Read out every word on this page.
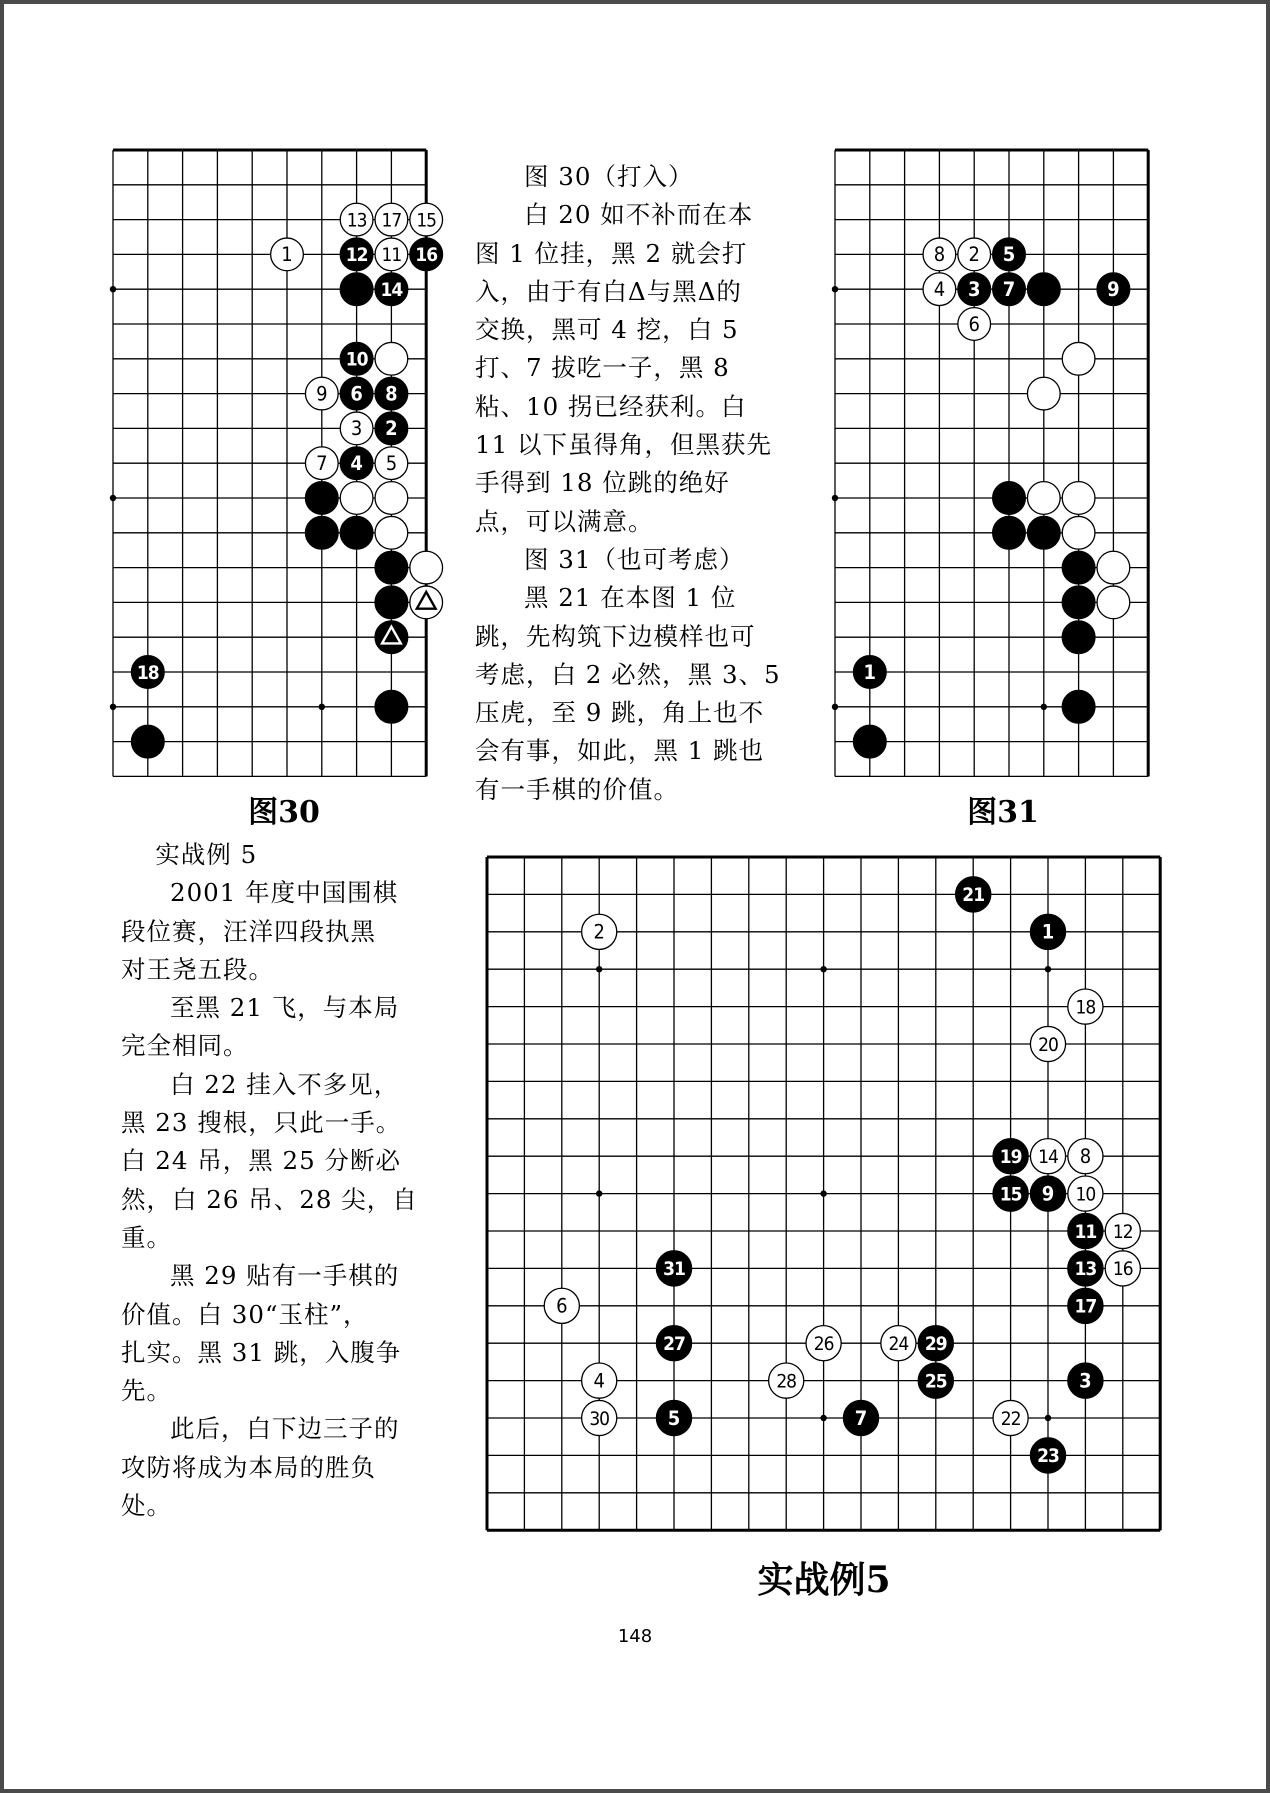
13 17 15
1	12 11 16
14
10
9 6 8
3 2
7 4 5
18
图30
8 2 5
4 3 7	9
6
1
图31

图 30（打入）

白 20 如不补而在本

图 1 位挂，黑 2 就会打

入，由于有白Δ与黑Δ的

交换，黑可 4 挖，白 5

打、7 拔吃一子，黑 8

粘、10 拐已经获利。白

11 以下虽得角，但黑获先

手得到 18 位跳的绝好

点，可以满意。

图 31（也可考虑）

黑 21 在本图 1 位

跳，先构筑下边模样也可

考虑，白 2 必然，黑 3、5

压虎，至 9 跳，角上也不

会有事，如此，黑 1 跳也

有一手棋的价值。

实战例 5

2001 年度中国围棋

段位赛，汪洋四段执黑

对王尧五段。

至黑 21 飞，与本局

完全相同。

白 22 挂入不多见，

黑 23 搜根，只此一手。

白 24 吊，黑 25 分断必

然，白 26 吊、28 尖，自

重。

黑 29 贴有一手棋的

价值。白 30“玉柱”，

扎实。黑 31 跳，入腹争

先。

此后，白下边三子的

攻防将成为本局的胜负

处。

21
2	1
18
20
19 14 8
15 9 10
11 12
31	13 16
6	17
27	26	24 29
4	28	25	3
30	5	7	22
23
实战例5
148
